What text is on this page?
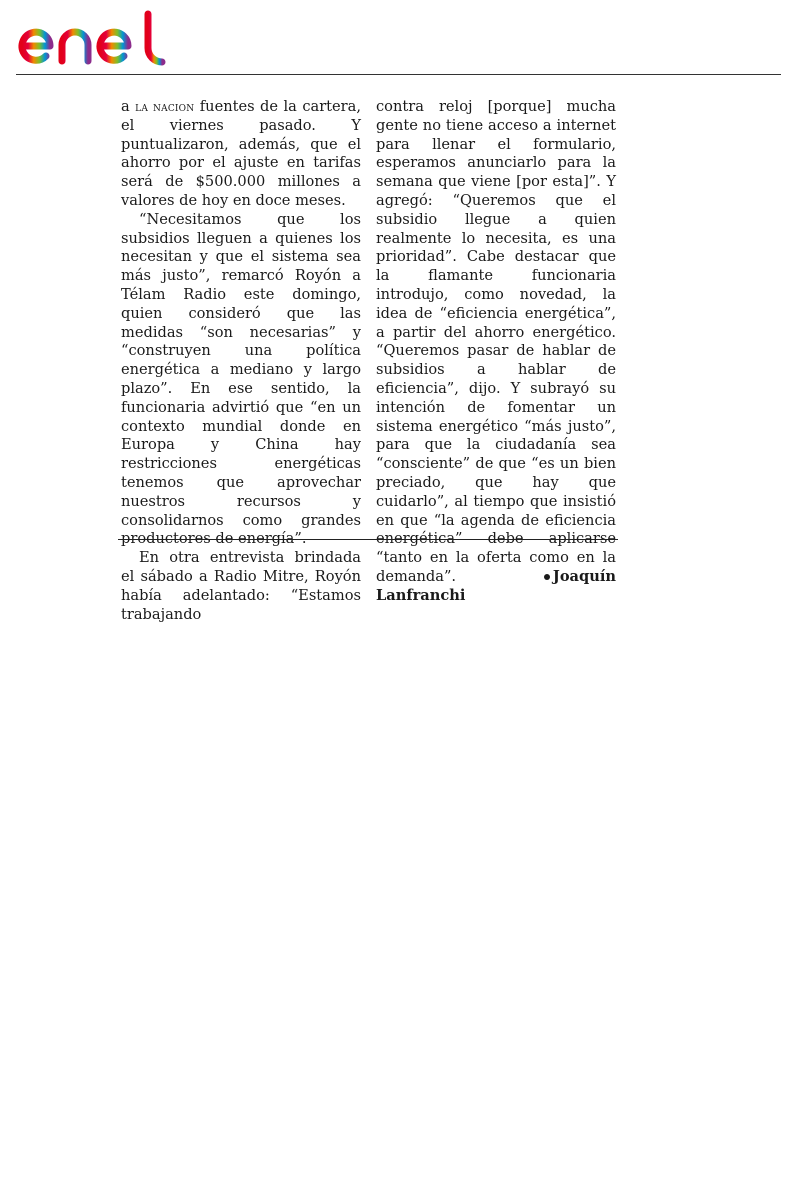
a la nacion fuentes de la cartera, el viernes pasado. Y puntualizaron, además, que el ahorro por el ajuste en tarifas será de $500.000 millones a valores de hoy en doce meses.

“Necesitamos que los subsidios lleguen a quienes los necesitan y que el sistema sea más justo”, remarcó Royón a Télam Radio este domingo, quien consideró que las medidas “son necesarias” y “construyen una política energética a mediano y largo plazo”. En ese sentido, la funcionaria advirtió que “en un contexto mundial donde en Europa y China hay restricciones energéticas tenemos que aprovechar nuestros recursos y consolidarnos como grandes productores de energía”.

En otra entrevista brindada el sábado a Radio Mitre, Royón había adelantado: “Estamos trabajando

contra reloj [porque] mucha gente no tiene acceso a internet para llenar el formulario, esperamos anunciarlo para la semana que viene [por esta]”. Y agregó: “Queremos que el subsidio llegue a quien realmente lo necesita, es una prioridad”. Cabe destacar que la flamante funcionaria introdujo, como novedad, la idea de “eficiencia energética”, a partir del ahorro energético. “Queremos pasar de hablar de subsidios a hablar de eficiencia”, dijo. Y subrayó su intención de fomentar un sistema energético “más justo”, para que la ciudadanía sea “consciente” de que “es un bien preciado, que hay que cuidarlo”, al tiempo que insistió en que “la agenda de eficiencia energética” debe aplicarse “tanto en la oferta como en la demanda”.	Joaquín Lanfranchi
